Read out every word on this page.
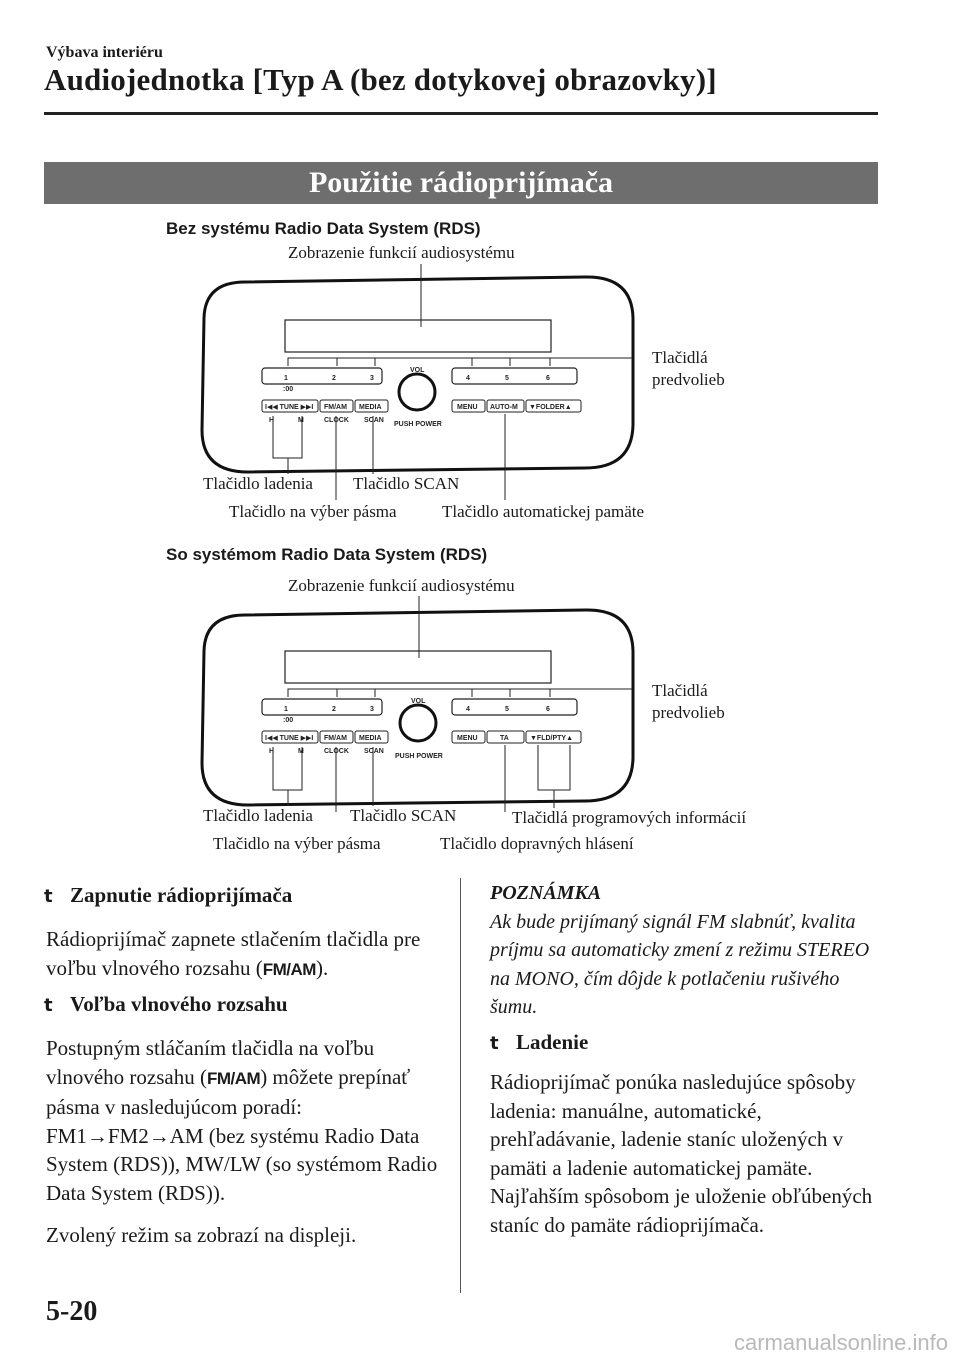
Výbava interiéru
Audiojednotka [Typ A (bez dotykovej obrazovky)]
Použitie rádioprijímača
Bez systému Radio Data System (RDS)
Zobrazenie funkcií audiosystému
Tlačidlá
predvolieb
Tlačidlo ladenia Tlačidlo SCAN
Tlačidlo na výber pásma	Tlačidlo automatickej pamäte
VOL
PUSH POWER
1	2	3	4	5	6
:00
I◀◀ TUNE ▶▶I FM/AM MEDIA	MENU AUTO-M ▼FOLDER▲
H	M	CLOCK SCAN
So systémom Radio Data System (RDS)
Zobrazenie funkcií audiosystému
Tlačidlá
predvolieb
Tlačidlo ladenia Tlačidlo SCAN	Tlačidlá programových informácií
Tlačidlo na výber pásma	Tlačidlo dopravných hlásení
VOL
PUSH POWER
1	2	3	4	5	6
:00
I◀◀ TUNE ▶▶I FM/AM MEDIA	MENU	TA	▼FLD/PTY▲
H	M	CLOCK SCAN
t Zapnutie rádioprijímača
Rádioprijímač zapnete stlačením tlačidla pre voľbu vlnového rozsahu (FM/AM).
t Voľba vlnového rozsahu
Postupným stláčaním tlačidla na voľbu vlnového rozsahu (FM/AM) môžete prepínať pásma v nasledujúcom poradí: FM1→FM2→AM (bez systému Radio Data System (RDS)), MW/LW (so systémom Radio Data System (RDS)).
Zvolený režim sa zobrazí na displeji.
POZNÁMKA
Ak bude prijímaný signál FM slabnúť, kvalita príjmu sa automaticky zmení z režimu STEREO na MONO, čím dôjde k potlačeniu rušivého šumu.
t Ladenie
Rádioprijímač ponúka nasledujúce spôsoby ladenia: manuálne, automatické, prehľadávanie, ladenie staníc uložených v pamäti a ladenie automatickej pamäte. Najľahším spôsobom je uloženie obľúbených staníc do pamäte rádioprijímača.
5-20
carmanualsonline.info
